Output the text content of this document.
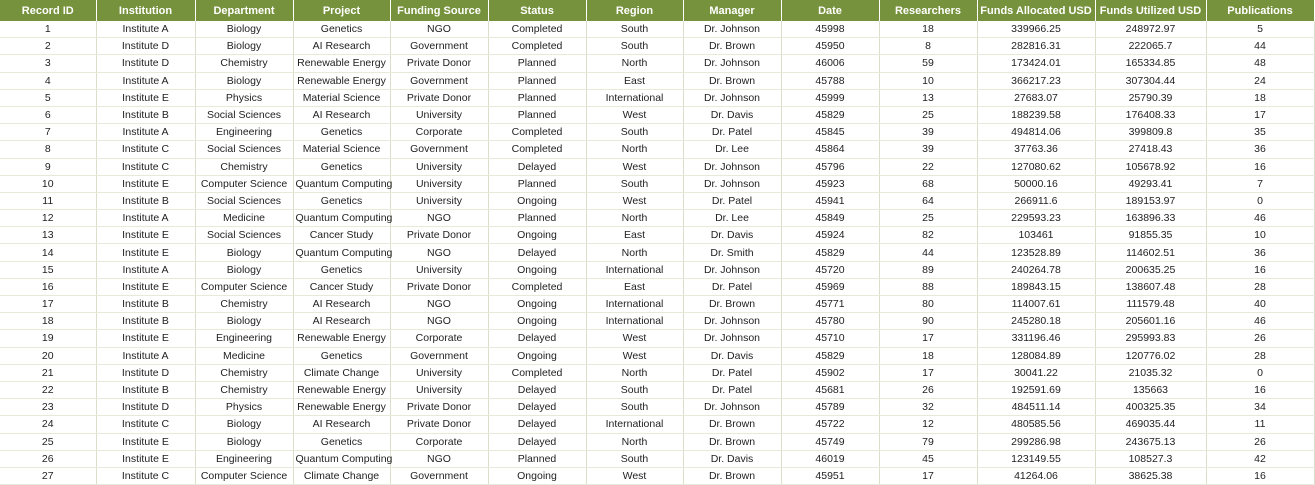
Record ID	Institution	Department	Project	Funding Source	Status	Region	Manager	Date	Researchers	Funds Allocated USD	Funds Utilized USD	Publications
1	Institute A	Biology	Genetics	NGO	Completed	South	Dr. Johnson	45998	18	339966.25	248972.97	5
2	Institute D	Biology	AI Research	Government	Completed	South	Dr. Brown	45950	8	282816.31	222065.7	44
3	Institute D	Chemistry	Renewable Energy	Private Donor	Planned	North	Dr. Johnson	46006	59	173424.01	165334.85	48
4	Institute A	Biology	Renewable Energy	Government	Planned	East	Dr. Brown	45788	10	366217.23	307304.44	24
5	Institute E	Physics	Material Science	Private Donor	Planned	International	Dr. Johnson	45999	13	27683.07	25790.39	18
6	Institute B	Social Sciences	AI Research	University	Planned	West	Dr. Davis	45829	25	188239.58	176408.33	17
7	Institute A	Engineering	Genetics	Corporate	Completed	South	Dr. Patel	45845	39	494814.06	399809.8	35
8	Institute C	Social Sciences	Material Science	Government	Completed	North	Dr. Lee	45864	39	37763.36	27418.43	36
9	Institute C	Chemistry	Genetics	University	Delayed	West	Dr. Johnson	45796	22	127080.62	105678.92	16
10	Institute E	Computer Science	Quantum Computing	University	Planned	South	Dr. Johnson	45923	68	50000.16	49293.41	7
11	Institute B	Social Sciences	Genetics	University	Ongoing	West	Dr. Patel	45941	64	266911.6	189153.97	0
12	Institute A	Medicine	Quantum Computing	NGO	Planned	North	Dr. Lee	45849	25	229593.23	163896.33	46
13	Institute E	Social Sciences	Cancer Study	Private Donor	Ongoing	East	Dr. Davis	45924	82	103461	91855.35	10
14	Institute E	Biology	Quantum Computing	NGO	Delayed	North	Dr. Smith	45829	44	123528.89	114602.51	36
15	Institute A	Biology	Genetics	University	Ongoing	International	Dr. Johnson	45720	89	240264.78	200635.25	16
16	Institute E	Computer Science	Cancer Study	Private Donor	Completed	East	Dr. Patel	45969	88	189843.15	138607.48	28
17	Institute B	Chemistry	AI Research	NGO	Ongoing	International	Dr. Brown	45771	80	114007.61	111579.48	40
18	Institute B	Biology	AI Research	NGO	Ongoing	International	Dr. Johnson	45780	90	245280.18	205601.16	46
19	Institute E	Engineering	Renewable Energy	Corporate	Delayed	West	Dr. Johnson	45710	17	331196.46	295993.83	26
20	Institute A	Medicine	Genetics	Government	Ongoing	West	Dr. Davis	45829	18	128084.89	120776.02	28
21	Institute D	Chemistry	Climate Change	University	Completed	North	Dr. Patel	45902	17	30041.22	21035.32	0
22	Institute B	Chemistry	Renewable Energy	University	Delayed	South	Dr. Patel	45681	26	192591.69	135663	16
23	Institute D	Physics	Renewable Energy	Private Donor	Delayed	South	Dr. Johnson	45789	32	484511.14	400325.35	34
24	Institute C	Biology	AI Research	Private Donor	Delayed	International	Dr. Brown	45722	12	480585.56	469035.44	11
25	Institute E	Biology	Genetics	Corporate	Delayed	North	Dr. Brown	45749	79	299286.98	243675.13	26
26	Institute E	Engineering	Quantum Computing	NGO	Planned	South	Dr. Davis	46019	45	123149.55	108527.3	42
27	Institute C	Computer Science	Climate Change	Government	Ongoing	West	Dr. Brown	45951	17	41264.06	38625.38	16
